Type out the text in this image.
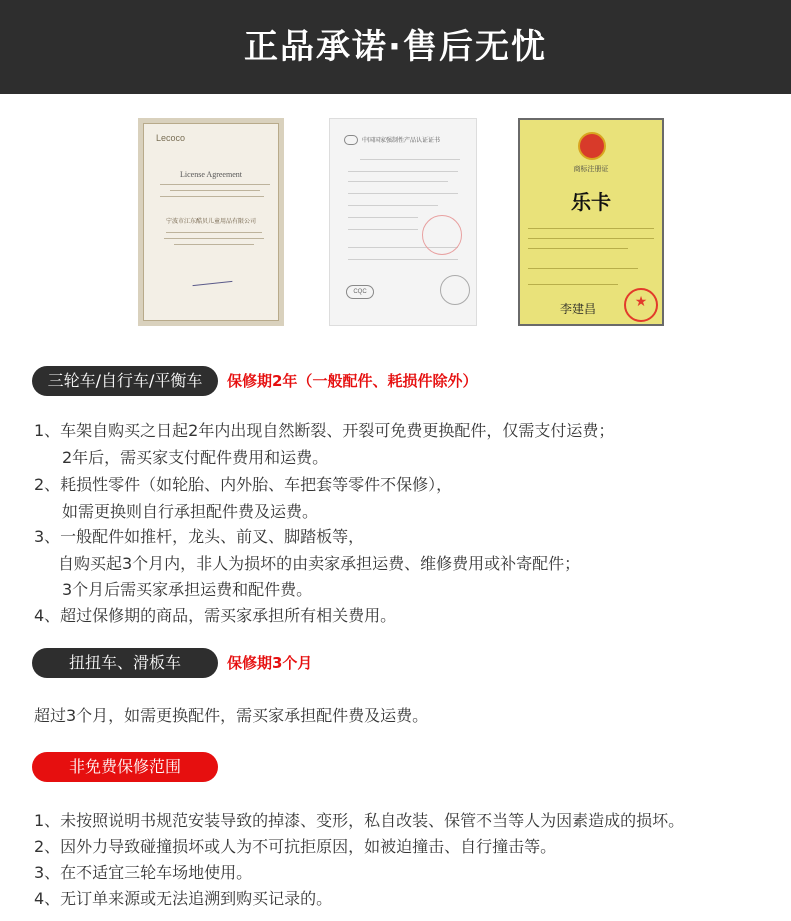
正品承诺·售后无忧
Lecoco
License Agreement
宁波市江东酷贝儿童用品有限公司
中国国家强制性产品认证证书
CQC
商标注册证
乐卡
李建昌	★
三轮车/自行车/平衡车	保修期2年（一般配件、耗损件除外）
1、车架自购买之日起2年内出现自然断裂、开裂可免费更换配件，仅需支付运费；
2年后，需买家支付配件费用和运费。
2、耗损性零件（如轮胎、内外胎、车把套等零件不保修），
如需更换则自行承担配件费及运费。
3、一般配件如推杆，龙头、前叉、脚踏板等，
自购买起3个月内，非人为损坏的由卖家承担运费、维修费用或补寄配件；
3个月后需买家承担运费和配件费。
4、超过保修期的商品，需买家承担所有相关费用。
扭扭车、滑板车	保修期3个月
超过3个月，如需更换配件，需买家承担配件费及运费。
非免费保修范围
1、未按照说明书规范安装导致的掉漆、变形，私自改装、保管不当等人为因素造成的损坏。
2、因外力导致碰撞损坏或人为不可抗拒原因，如被迫撞击、自行撞击等。
3、在不适宜三轮车场地使用。
4、无订单来源或无法追溯到购买记录的。
